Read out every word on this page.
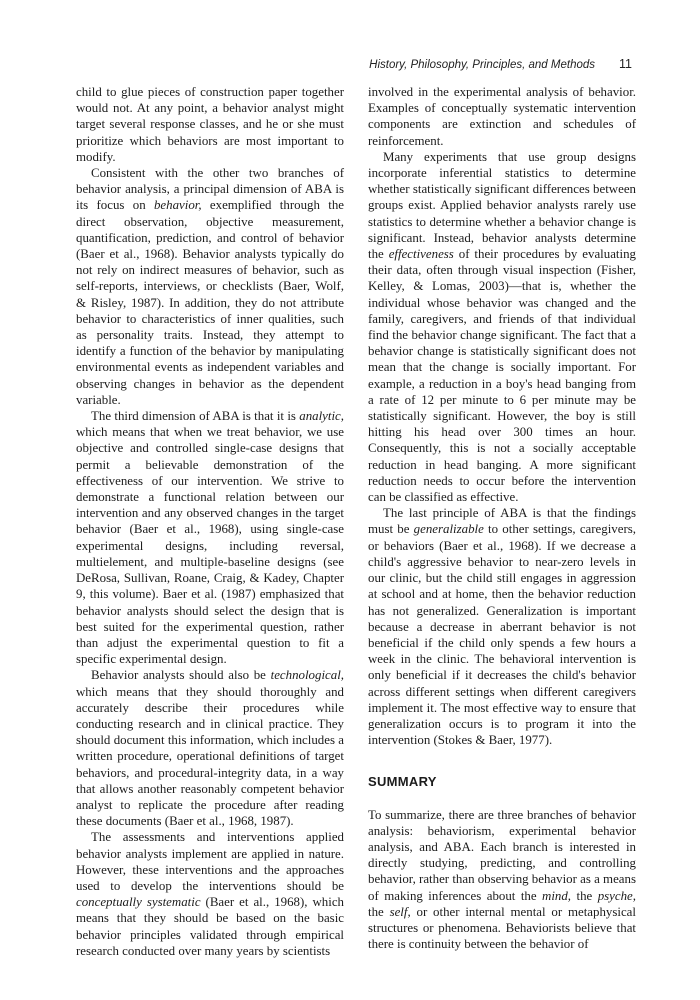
History, Philosophy, Principles, and Methods 11

child to glue pieces of construction paper together would not. At any point, a behavior analyst might target several response classes, and he or she must prioritize which behaviors are most important to modify.

Consistent with the other two branches of behavior analysis, a principal dimension of ABA is its focus on behavior, exemplified through the direct observation, objective measurement, quantification, prediction, and control of behavior (Baer et al., 1968). Behavior analysts typically do not rely on indirect measures of behavior, such as self-reports, interviews, or checklists (Baer, Wolf, & Risley, 1987). In addition, they do not attribute behavior to characteristics of inner qualities, such as personality traits. Instead, they attempt to identify a function of the behavior by manipulating environmental events as independent variables and observing changes in behavior as the dependent variable.

The third dimension of ABA is that it is analytic, which means that when we treat behavior, we use objective and controlled single-case designs that permit a believable demonstration of the effectiveness of our intervention. We strive to demonstrate a functional relation between our intervention and any observed changes in the target behavior (Baer et al., 1968), using single-case experimental designs, including reversal, multielement, and multiple-baseline designs (see DeRosa, Sullivan, Roane, Craig, & Kadey, Chapter 9, this volume). Baer et al. (1987) emphasized that behavior analysts should select the design that is best suited for the experimental question, rather than adjust the experimental question to fit a specific experimental design.

Behavior analysts should also be technological, which means that they should thoroughly and accurately describe their procedures while conducting research and in clinical practice. They should document this information, which includes a written procedure, operational definitions of target behaviors, and procedural-integrity data, in a way that allows another reasonably competent behavior analyst to replicate the procedure after reading these documents (Baer et al., 1968, 1987).

The assessments and interventions applied behavior analysts implement are applied in nature. However, these interventions and the approaches used to develop the interventions should be conceptually systematic (Baer et al., 1968), which means that they should be based on the basic behavior principles validated through empirical research conducted over many years by scientists

involved in the experimental analysis of behavior. Examples of conceptually systematic intervention components are extinction and schedules of reinforcement.

Many experiments that use group designs incorporate inferential statistics to determine whether statistically significant differences between groups exist. Applied behavior analysts rarely use statistics to determine whether a behavior change is significant. Instead, behavior analysts determine the effectiveness of their procedures by evaluating their data, often through visual inspection (Fisher, Kelley, & Lomas, 2003)—that is, whether the individual whose behavior was changed and the family, caregivers, and friends of that individual find the behavior change significant. The fact that a behavior change is statistically significant does not mean that the change is socially important. For example, a reduction in a boy's head banging from a rate of 12 per minute to 6 per minute may be statistically significant. However, the boy is still hitting his head over 300 times an hour. Consequently, this is not a socially acceptable reduction in head banging. A more significant reduction needs to occur before the intervention can be classified as effective.

The last principle of ABA is that the findings must be generalizable to other settings, caregivers, or behaviors (Baer et al., 1968). If we decrease a child's aggressive behavior to near-zero levels in our clinic, but the child still engages in aggression at school and at home, then the behavior reduction has not generalized. Generalization is important because a decrease in aberrant behavior is not beneficial if the child only spends a few hours a week in the clinic. The behavioral intervention is only beneficial if it decreases the child's behavior across different settings when different caregivers implement it. The most effective way to ensure that generalization occurs is to program it into the intervention (Stokes & Baer, 1977).

SUMMARY

To summarize, there are three branches of behavior analysis: behaviorism, experimental behavior analysis, and ABA. Each branch is interested in directly studying, predicting, and controlling behavior, rather than observing behavior as a means of making inferences about the mind, the psyche, the self, or other internal mental or metaphysical structures or phenomena. Behaviorists believe that there is continuity between the behavior of
